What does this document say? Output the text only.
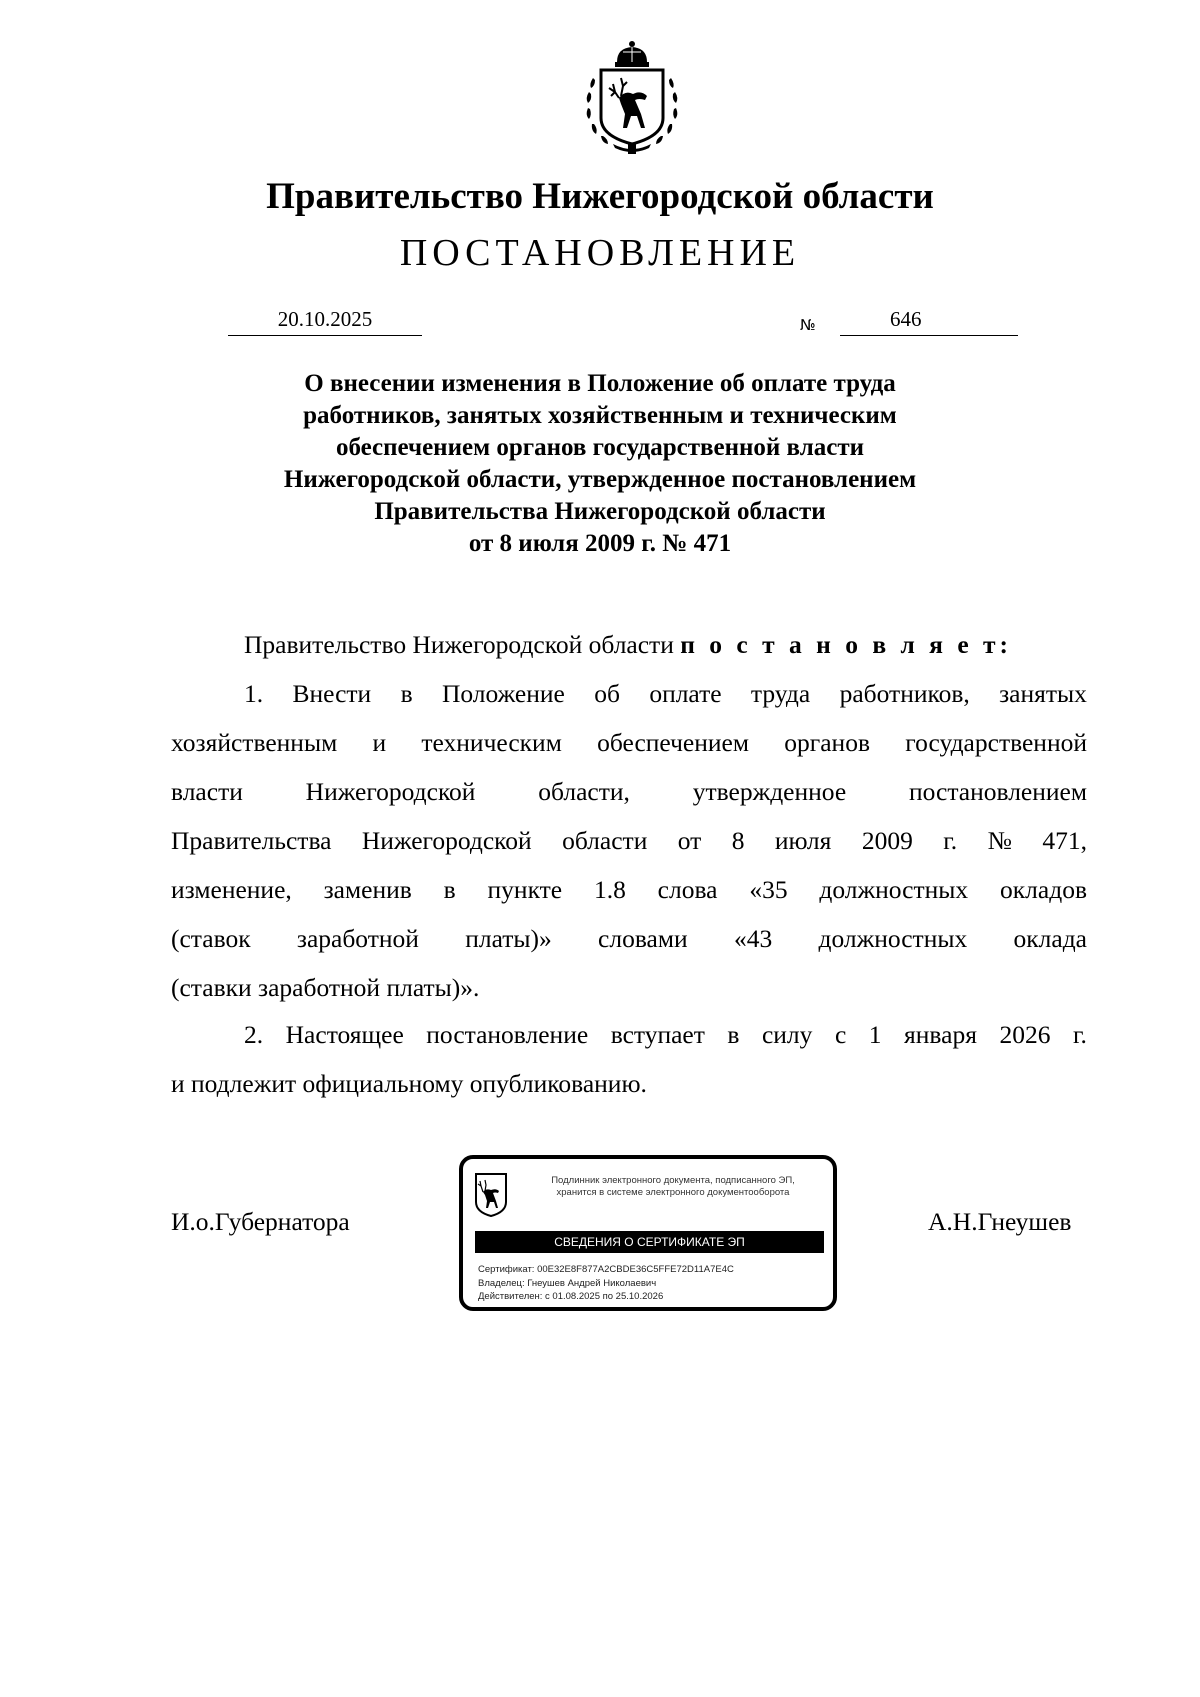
Правительство Нижегородской области
ПОСТАНОВЛЕНИЕ
20.10.2025	№	646
О внесении изменения в Положение об оплате труда
работников, занятых хозяйственным и техническим
обеспечением органов государственной власти
Нижегородской области, утвержденное постановлением
Правительства Нижегородской области
от 8 июля 2009 г. № 471
Правительство Нижегородской области п о с т а н о в л я е т:
1. Внести в Положение об оплате труда работников, занятых
хозяйственным и техническим обеспечением органов государственной
власти Нижегородской области, утвержденное постановлением
Правительства Нижегородской области от 8 июля 2009 г. № 471,
изменение, заменив в пункте 1.8 слова «35 должностных окладов
(ставок заработной платы)» словами «43 должностных оклада
(ставки заработной платы)».
2. Настоящее постановление вступает в силу с 1 января 2026 г.
и подлежит официальному опубликованию.
И.о.Губернатора	А.Н.Гнеушев
Подлинник электронного документа, подписанного ЭП,
хранится в системе электронного документооборота
СВЕДЕНИЯ О СЕРТИФИКАТЕ ЭП
Сертификат: 00E32E8F877A2CBDE36C5FFE72D11A7E4C
Владелец: Гнеушев Андрей Николаевич
Действителен: с 01.08.2025 по 25.10.2026
